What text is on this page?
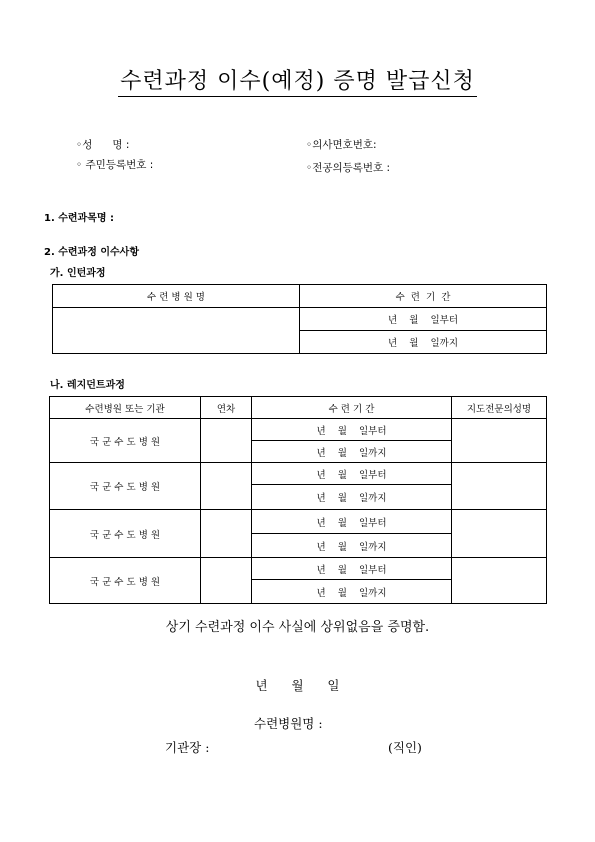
수련과정 이수(예정) 증명 발급신청
◦성      명 :
◦ 주민등록번호 :
◦의사면호번호:
◦전공의등록번호 :
1. 수련과목명 :
2. 수련과정 이수사항
가. 인턴과정
수 련 병 원 명	수  련  기  간
	년    월    일부터
	년    월    일까지
나. 레지던트과정
수련병원 또는 기관	연차	수 련 기 간	지도전문의성명
국 군 수 도 병 원		년    월    일부터	
		년    월    일까지	
국 군 수 도 병 원		년    월    일부터	
		년    월    일까지	
국 군 수 도 병 원		년    월    일부터	
		년    월    일까지	
국 군 수 도 병 원		년    월    일부터	
		년    월    일까지	
상기 수련과정 이수 사실에 상위없음을 증명함.
년      월      일
수련병원명 :
기관장 :	(직인)
